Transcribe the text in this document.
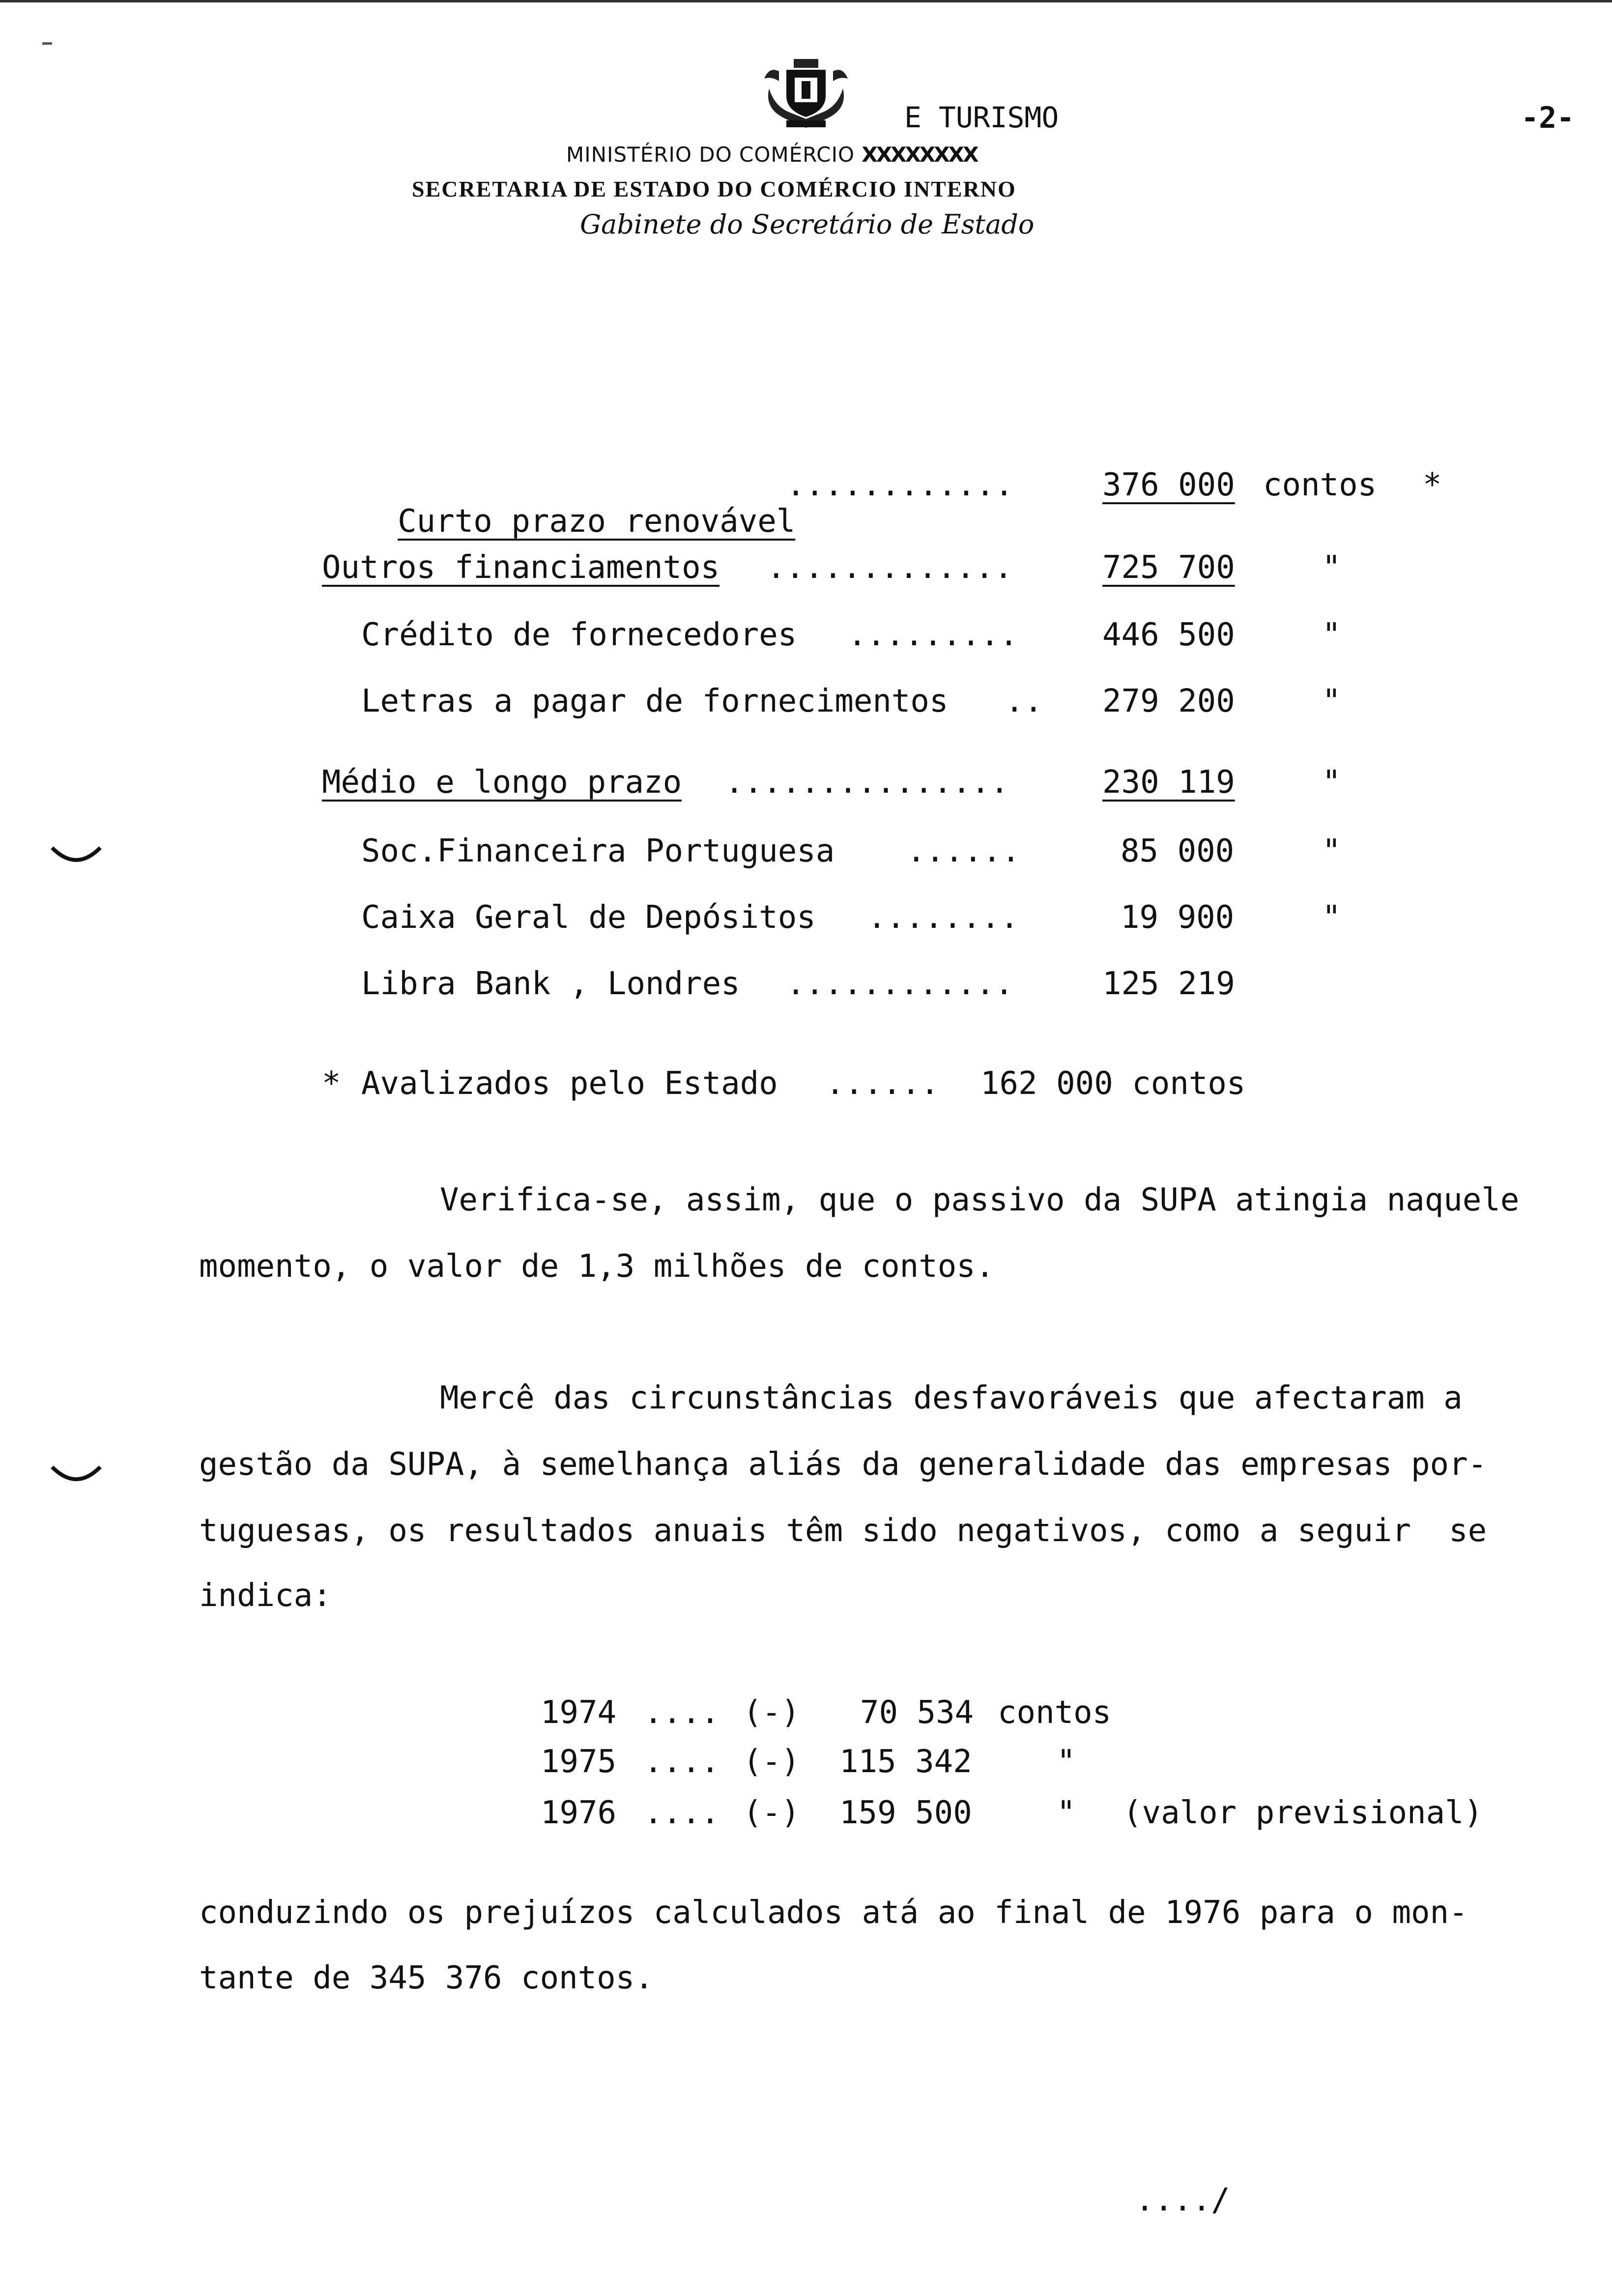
E TURISMO	-2-
MINISTÉRIO DO COMÉRCIO XXXXXXXX
SECRETARIA DE ESTADO DO COMÉRCIO INTERNO
Gabinete do Secretário de Estado

Curto prazo renovável

............	376 000 contos *
Outros financiamentos .............	725 700	"
Crédito de fornecedores .........	446 500	"
Letras a pagar de fornecimentos .. 279 200	"
Médio e longo prazo ...............	230 119	"
Soc.Financeira Portuguesa ......	85 000	"
Caixa Geral de Depósitos ........	19 900	"
Libra Bank , Londres ............	125 219
* Avalizados pelo Estado ...... 162 000 contos
Verifica-se, assim, que o passivo da SUPA atingia naquele
momento, o valor de 1,3 milhões de contos.
Mercê das circunstâncias desfavoráveis que afectaram a
gestão da SUPA, à semelhança aliás da generalidade das empresas por-
tuguesas, os resultados anuais têm sido negativos, como a seguir  se
indica:
1974 .... (-) 70 534 contos
1975 .... (-) 115 342	"
1976 .... (-) 159 500	" (valor previsional)
conduzindo os prejuízos calculados atá ao final de 1976 para o mon-
tante de 345 376 contos.
..../
